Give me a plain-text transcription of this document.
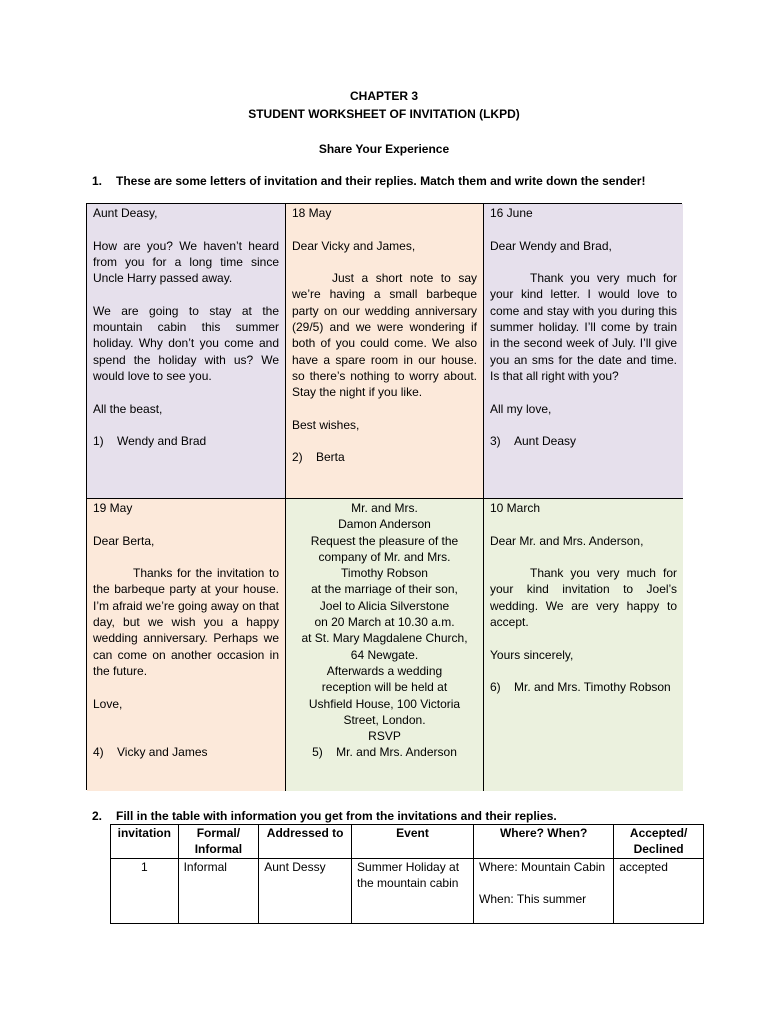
CHAPTER 3
STUDENT WORKSHEET OF INVITATION (LKPD)
Share Your Experience
1. These are some letters of invitation and their replies. Match them and write down the sender!

Aunt Deasy,

How are you? We haven’t heard from you for a long time since Uncle Harry passed away.

We are going to stay at the mountain cabin this summer holiday. Why don’t you come and spend the holiday with us? We would love to see you.

All the beast,

1) Wendy and Brad

18 May

Dear Vicky and James,

Just a short note to say we’re having a small barbeque party on our wedding anniversary (29/5) and we were wondering if both of you could come. We also have a spare room in our house. so there’s nothing to worry about. Stay the night if you like.

Best wishes,

2) Berta

16 June

Dear Wendy and Brad,

Thank you very much for your kind letter. I would love to come and stay with you during this summer holiday. I’ll come by train in the second week of July. I’ll give you an sms for the date and time. Is that all right with you?

All my love,

3) Aunt Deasy

19 May

Dear Berta,

Thanks for the invitation to the barbeque party at your house. I’m afraid we’re going away on that day, but we wish you a happy wedding anniversary. Perhaps we can come on another occasion in the future.

Love,

4) Vicky and James

Mr. and Mrs.

Damon Anderson

Request the pleasure of the

company of Mr. and Mrs.

Timothy Robson

at the marriage of their son,

Joel to Alicia Silverstone

on 20 March at 10.30 a.m.

at St. Mary Magdalene Church,

64 Newgate.

Afterwards a wedding

reception will be held at

Ushfield House, 100 Victoria

Street, London.

RSVP

5) Mr. and Mrs. Anderson

10 March

Dear Mr. and Mrs. Anderson,

Thank you very much for your kind invitation to Joel’s wedding. We are very happy to accept.

Yours sincerely,

6) Mr. and Mrs. Timothy Robson

2. Fill in the table with information you get from the invitations and their replies.
invitation	Formal/ Informal	Addressed to	Event	Where? When?	Accepted/ Declined
1	Informal	Aunt Dessy	Summer Holiday at the mountain cabin	Where: Mountain Cabin
When: This summer	accepted
